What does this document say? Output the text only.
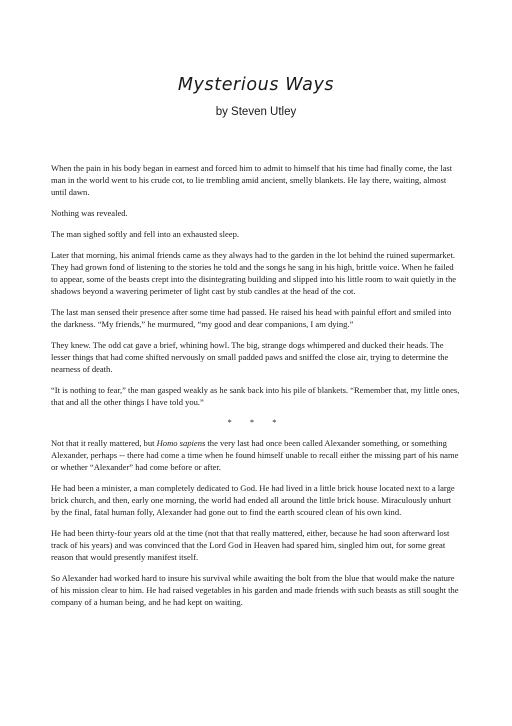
Mysterious Ways
by Steven Utley

When the pain in his body began in earnest and forced him to admit to himself that his time had finally come, the last man in the world went to his crude cot, to lie trembling amid ancient, smelly blankets. He lay there, waiting, almost until dawn.

Nothing was revealed.

The man sighed softly and fell into an exhausted sleep.

Later that morning, his animal friends came as they always had to the garden in the lot behind the ruined supermarket. They had grown fond of listening to the stories he told and the songs he sang in his high, brittle voice. When he failed to appear, some of the beasts crept into the disintegrating building and slipped into his little room to wait quietly in the shadows beyond a wavering perimeter of light cast by stub candles at the head of the cot.

The last man sensed their presence after some time had passed. He raised his head with painful effort and smiled into the darkness. “My friends,” he murmured, “my good and dear companions, I am dying.”

They knew. The odd cat gave a brief, whining howl. The big, strange dogs whimpered and ducked their heads. The lesser things that had come shifted nervously on small padded paws and sniffed the close air, trying to determine the nearness of death.

“It is nothing to fear,” the man gasped weakly as he sank back into his pile of blankets. “Remember that, my little ones, that and all the other things I have told you.”

* * *

Not that it really mattered, but Homo sapiens the very last had once been called Alexander something, or something Alexander, perhaps -- there had come a time when he found himself unable to recall either the missing part of his name or whether “Alexander” had come before or after.

He had been a minister, a man completely dedicated to God. He had lived in a little brick house located next to a large brick church, and then, early one morning, the world had ended all around the little brick house. Miraculously unhurt by the final, fatal human folly, Alexander had gone out to find the earth scoured clean of his own kind.

He had been thirty-four years old at the time (not that that really mattered, either, because he had soon afterward lost track of his years) and was convinced that the Lord God in Heaven had spared him, singled him out, for some great reason that would presently manifest itself.

So Alexander had worked hard to insure his survival while awaiting the bolt from the blue that would make the nature of his mission clear to him. He had raised vegetables in his garden and made friends with such beasts as still sought the company of a human being, and he had kept on waiting.
